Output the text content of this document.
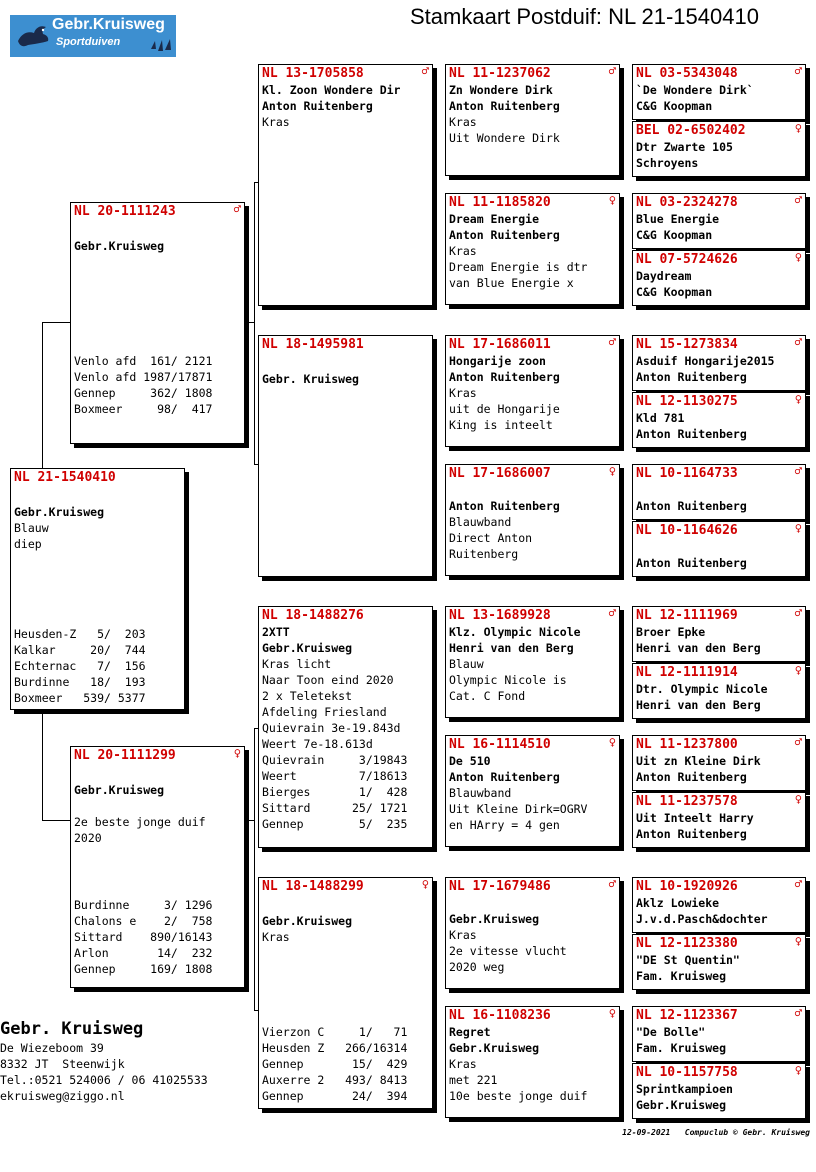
Stamkaart Postduif: NL 21-1540410
Gebr.Kruisweg
Sportduiven
NL 21-1540410
Gebr.Kruisweg
Blauw
diep
Heusden-Z   5/  203
Kalkar     20/  744
Echternac   7/  156
Burdinne   18/  193
Boxmeer   539/ 5377
NL 20-1111243	♂
Gebr.Kruisweg
Venlo afd  161/ 2121
Venlo afd 1987/17871
Gennep     362/ 1808
Boxmeer     98/  417
NL 20-1111299	♀
Gebr.Kruisweg
2e beste jonge duif
2020
Burdinne     3/ 1296
Chalons e    2/  758
Sittard    890/16143
Arlon       14/  232
Gennep     169/ 1808
NL 13-1705858	♂
Kl. Zoon Wondere Dir
Anton Ruitenberg
Kras
NL 18-1495981
Gebr. Kruisweg
NL 18-1488276
2XTT
Gebr.Kruisweg
Kras licht
Naar Toon eind 2020
2 x Teletekst
Afdeling Friesland
Quievrain 3e-19.843d
Weert 7e-18.613d
Quievrain     3/19843
Weert         7/18613
Bierges       1/  428
Sittard      25/ 1721
Gennep        5/  235
NL 18-1488299	♀
Gebr.Kruisweg
Kras
Vierzon C     1/   71
Heusden Z   266/16314
Gennep       15/  429
Auxerre 2   493/ 8413
Gennep       24/  394
NL 11-1237062	♂
Zn Wondere Dirk
Anton Ruitenberg
Kras
Uit Wondere Dirk
NL 11-1185820	♀
Dream Energie
Anton Ruitenberg
Kras
Dream Energie is dtr
van Blue Energie x
NL 17-1686011	♂
Hongarije zoon
Anton Ruitenberg
Kras
uit de Hongarije
King is inteelt
NL 17-1686007	♀
Anton Ruitenberg
Blauwband
Direct Anton
Ruitenberg
NL 13-1689928	♂
Klz. Olympic Nicole
Henri van den Berg
Blauw
Olympic Nicole is
Cat. C Fond
NL 16-1114510	♀
De 510
Anton Ruitenberg
Blauwband
Uit Kleine Dirk=OGRV
en HArry = 4 gen
NL 17-1679486	♂
Gebr.Kruisweg
Kras
2e vitesse vlucht
2020 weg
NL 16-1108236	♀
Regret
Gebr.Kruisweg
Kras
met 221
10e beste jonge duif
NL 03-5343048	♂
`De Wondere Dirk`
C&G Koopman
BEL 02-6502402	♀
Dtr Zwarte 105
Schroyens
NL 03-2324278	♂
Blue Energie
C&G Koopman
NL 07-5724626	♀
Daydream
C&G Koopman
NL 15-1273834	♂
Asduif Hongarije2015
Anton Ruitenberg
NL 12-1130275	♀
Kld 781
Anton Ruitenberg
NL 10-1164733	♂
Anton Ruitenberg
NL 10-1164626	♀
Anton Ruitenberg
NL 12-1111969	♂
Broer Epke
Henri van den Berg
NL 12-1111914	♀
Dtr. Olympic Nicole
Henri van den Berg
NL 11-1237800	♂
Uit zn Kleine Dirk
Anton Ruitenberg
NL 11-1237578	♀
Uit Inteelt Harry
Anton Ruitenberg
NL 10-1920926	♂
Aklz Lowieke
J.v.d.Pasch&dochter
NL 12-1123380	♀
"DE St Quentin"
Fam. Kruisweg
NL 12-1123367	♂
"De Bolle"
Fam. Kruisweg
NL 10-1157758	♀
Sprintkampioen
Gebr.Kruisweg
Gebr. Kruisweg
De Wiezeboom 39
8332 JT  Steenwijk
Tel.:0521 524006 / 06 41025533
ekruisweg@ziggo.nl
12-09-2021   Compuclub © Gebr. Kruisweg
